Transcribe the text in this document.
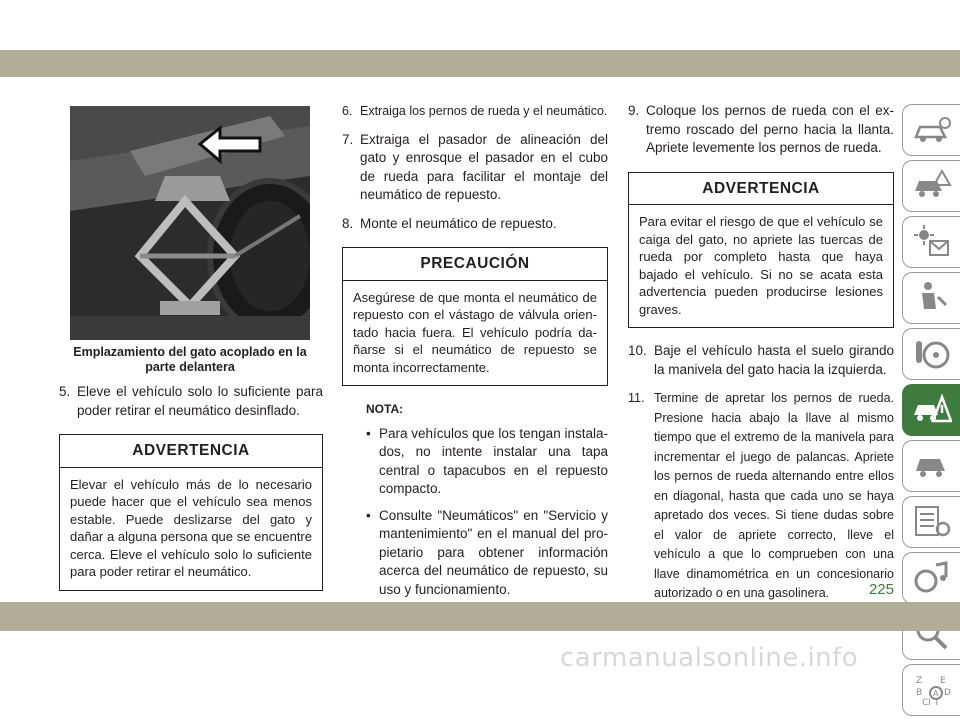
Emplazamiento del gato acoplado en la parte delantera
5. Eleve el vehículo solo lo suficiente para poder retirar el neumático desinflado.
ADVERTENCIA
Elevar el vehículo más de lo necesario puede hacer que el vehículo sea menos estable. Puede deslizarse del gato y dañar a alguna persona que se encuentre cerca. Eleve el vehículo solo lo suficiente para poder retirar el neumático.
6. Extraiga los pernos de rueda y el neumático.
7. Extraiga el pasador de alineación del gato y enrosque el pasador en el cubo de rueda para facilitar el montaje del neumático de repuesto.
8. Monte el neumático de repuesto.
PRECAUCIÓN
Asegúrese de que monta el neumático de repuesto con el vástago de válvula orientado hacia fuera. El vehículo podría dañarse si el neumático de repuesto se monta incorrectamente.
NOTA:
• Para vehículos que los tengan instalados, no intente instalar una tapa central o tapacubos en el repuesto compacto.
• Consulte "Neumáticos" en "Servicio y mantenimiento" en el manual del propietario para obtener información acerca del neumático de repuesto, su uso y funcionamiento.
9. Coloque los pernos de rueda con el extremo roscado del perno hacia la llanta. Apriete levemente los pernos de rueda.
ADVERTENCIA
Para evitar el riesgo de que el vehículo se caiga del gato, no apriete las tuercas de rueda por completo hasta que haya bajado el vehículo. Si no se acata esta advertencia pueden producirse lesiones graves.
10. Baje el vehículo hasta el suelo girando la manivela del gato hacia la izquierda.
11. Termine de apretar los pernos de rueda. Presione hacia abajo la llave al mismo tiempo que el extremo de la manivela para incrementar el juego de palancas. Apriete los pernos de rueda alternando entre ellos en diagonal, hasta que cada uno se haya apretado dos veces. Si tiene dudas sobre el valor de apriete correcto, lleve el vehículo a que lo comprueben con una llave dinamométrica en un concesionario autorizado o en una gasolinera.
Z E
B
I T
C
A D
225
carmanualsonline.info
